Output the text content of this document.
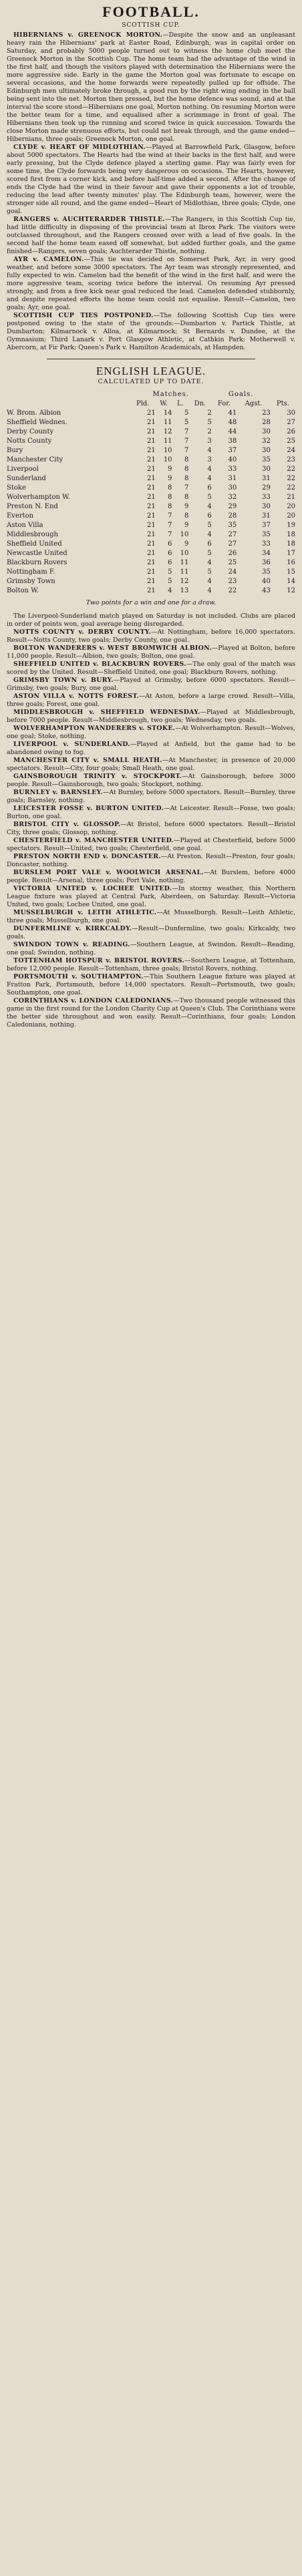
FOOTBALL.
SCOTTISH CUP.

HIBERNIANS v. GREENOCK MORTON.—Despite the snow and an unpleasant heavy rain the Hibernians' park at Easter Road, Edinburgh, was in capital order on Saturday, and probably 5000 people turned out to witness the home club meet the Greenock Morton in the Scottish Cup. The home team had the advantage of the wind in the first half, and though the visitors played with determination the Hibernians were the more aggressive side. Early in the game the Morton goal was fortunate to escape on several occasions, and the home forwards were repeatedly pulled up for offside. The Edinburgh men ultimately broke through, a good run by the right wing ending in the ball being sent into the net. Morton then pressed, but the home defence was sound, and at the interval the score stood—Hibernians one goal, Morton nothing. On resuming Morton were the better team for a time, and equalised after a scrimmage in front of goal. The Hibernians then took up the running and scored twice in quick succession. Towards the close Morton made strenuous efforts, but could not break through, and the game ended—Hibernians, three goals; Greenock Morton, one goal.

CLYDE v. HEART OF MIDLOTHIAN.—Played at Barrowfield Park, Glasgow, before about 5000 spectators. The Hearts had the wind at their backs in the first half, and were early pressing, but the Clyde defence played a sterling game. Play was fairly even for some time, the Clyde forwards being very dangerous on occasions. The Hearts, however, scored first from a corner kick, and before half-time added a second. After the change of ends the Clyde had the wind in their favour and gave their opponents a lot of trouble, reducing the lead after twenty minutes' play. The Edinburgh team, however, were the stronger side all round, and the game ended—Heart of Midlothian, three goals; Clyde, one goal.

RANGERS v. AUCHTERARDER THISTLE.—The Rangers, in this Scottish Cup tie, had little difficulty in disposing of the provincial team at Ibrox Park. The visitors were outclassed throughout, and the Rangers crossed over with a lead of five goals. In the second half the home team eased off somewhat, but added further goals, and the game finished—Rangers, seven goals; Auchterarder Thistle, nothing.

AYR v. CAMELON.—This tie was decided on Somerset Park, Ayr, in very good weather, and before some 3000 spectators. The Ayr team was strongly represented, and fully expected to win. Camelon had the benefit of the wind in the first half, and were the more aggressive team, scoring twice before the interval. On resuming Ayr pressed strongly, and from a free kick near goal reduced the lead. Camelon defended stubbornly, and despite repeated efforts the home team could not equalise. Result—Camelon, two goals; Ayr, one goal.

SCOTTISH CUP TIES POSTPONED.—The following Scottish Cup ties were postponed owing to the state of the grounds:—Dumbarton v. Partick Thistle, at Dumbarton; Kilmarnock v. Alloa, at Kilmarnock; St Bernards v. Dundee, at the Gymnasium; Third Lanark v. Port Glasgow Athletic, at Cathkin Park; Motherwell v. Abercorn, at Fir Park; Queen's Park v. Hamilton Academicals, at Hampden.

ENGLISH LEAGUE.
CALCULATED UP TO DATE.
	Matches.				Goals.		
	Pld.	W.	L.	Dn.	For.	Agst.	Pts.
W. Brom. Albion	21	14	5	2	41	23	30
Sheffield Wednes.	21	11	5	5	48	28	27
Derby County	21	12	7	2	44	30	26
Notts County	21	11	7	3	38	32	25
Bury	21	10	7	4	37	30	24
Manchester City	21	10	8	3	40	35	23
Liverpool	21	9	8	4	33	30	22
Sunderland	21	9	8	4	31	31	22
Stoke	21	8	7	6	30	29	22
Wolverhampton W.	21	8	8	5	32	33	21
Preston N. End	21	8	9	4	29	30	20
Everton	21	7	8	6	28	31	20
Aston Villa	21	7	9	5	35	37	19
Middlesbrough	21	7	10	4	27	35	18
Sheffield United	21	6	9	6	27	33	18
Newcastle United	21	6	10	5	26	34	17
Blackburn Rovers	21	6	11	4	25	36	16
Nottingham F.	21	5	11	5	24	35	15
Grimsby Town	21	5	12	4	23	40	14
Bolton W.	21	4	13	4	22	43	12
Two points for a win and one for a draw.

The Liverpool-Sunderland match played on Saturday is not included. Clubs are placed in order of points won, goal average being disregarded.

NOTTS COUNTY v. DERBY COUNTY.—At Nottingham, before 16,000 spectators. Result—Notts County, two goals; Derby County, one goal.

BOLTON WANDERERS v. WEST BROMWICH ALBION.—Played at Bolton, before 11,000 people. Result—Albion, two goals; Bolton, one goal.

SHEFFIELD UNITED v. BLACKBURN ROVERS.—The only goal of the match was scored by the United. Result—Sheffield United, one goal; Blackburn Rovers, nothing.

GRIMSBY TOWN v. BURY.—Played at Grimsby, before 6000 spectators. Result—Grimsby, two goals; Bury, one goal.

ASTON VILLA v. NOTTS FOREST.—At Aston, before a large crowd. Result—Villa, three goals; Forest, one goal.

MIDDLESBROUGH v. SHEFFIELD WEDNESDAY.—Played at Middlesbrough, before 7000 people. Result—Middlesbrough, two goals; Wednesday, two goals.

WOLVERHAMPTON WANDERERS v. STOKE.—At Wolverhampton. Result—Wolves, one goal; Stoke, nothing.

LIVERPOOL v. SUNDERLAND.—Played at Anfield, but the game had to be abandoned owing to fog.

MANCHESTER CITY v. SMALL HEATH.—At Manchester, in presence of 20,000 spectators. Result—City, four goals; Small Heath, one goal.

GAINSBOROUGH TRINITY v. STOCKPORT.—At Gainsborough, before 3000 people. Result—Gainsborough, two goals; Stockport, nothing.

BURNLEY v. BARNSLEY.—At Burnley, before 5000 spectators. Result—Burnley, three goals; Barnsley, nothing.

LEICESTER FOSSE v. BURTON UNITED.—At Leicester. Result—Fosse, two goals; Burton, one goal.

BRISTOL CITY v. GLOSSOP.—At Bristol, before 6000 spectators. Result—Bristol City, three goals; Glossop, nothing.

CHESTERFIELD v. MANCHESTER UNITED.—Played at Chesterfield, before 5000 spectators. Result—United, two goals; Chesterfield, one goal.

PRESTON NORTH END v. DONCASTER.—At Preston. Result—Preston, four goals; Doncaster, nothing.

BURSLEM PORT VALE v. WOOLWICH ARSENAL.—At Burslem, before 4000 people. Result—Arsenal, three goals; Port Vale, nothing.

VICTORIA UNITED v. LOCHEE UNITED.—In stormy weather, this Northern League fixture was played at Central Park, Aberdeen, on Saturday. Result—Victoria United, two goals; Lochee United, one goal.

MUSSELBURGH v. LEITH ATHLETIC.—At Musselburgh. Result—Leith Athletic, three goals; Musselburgh, one goal.

DUNFERMLINE v. KIRKCALDY.—Result—Dunfermline, two goals; Kirkcaldy, two goals.

SWINDON TOWN v. READING.—Southern League, at Swindon. Result—Reading, one goal; Swindon, nothing.

TOTTENHAM HOTSPUR v. BRISTOL ROVERS.—Southern League, at Tottenham, before 12,000 people. Result—Tottenham, three goals; Bristol Rovers, nothing.

PORTSMOUTH v. SOUTHAMPTON.—This Southern League fixture was played at Fratton Park, Portsmouth, before 14,000 spectators. Result—Portsmouth, two goals; Southampton, one goal.

CORINTHIANS v. LONDON CALEDONIANS.—Two thousand people witnessed this game in the first round for the London Charity Cup at Queen's Club. The Corinthians were the better side throughout and won easily. Result—Corinthians, four goals; London Caledonians, nothing.
